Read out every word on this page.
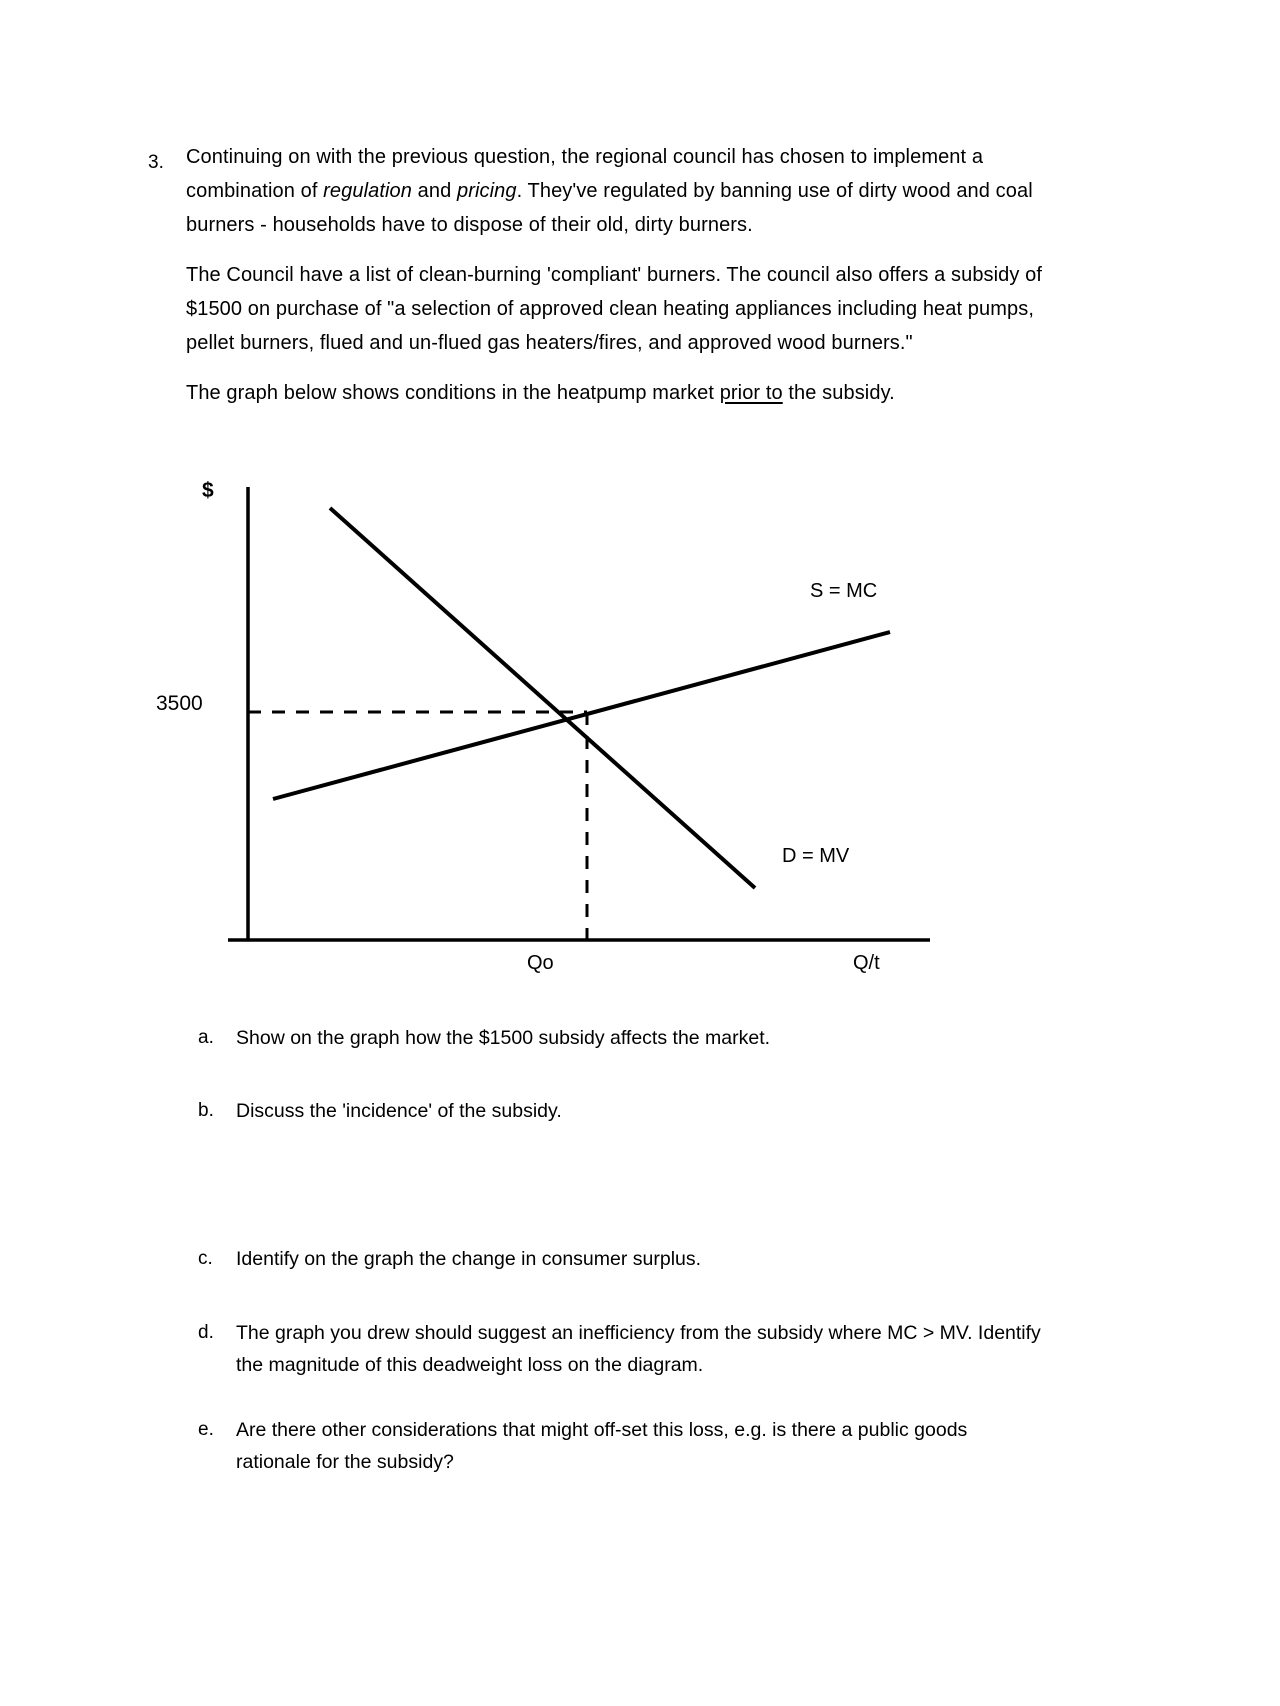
3.	Continuing on with the previous question, the regional council has chosen to implement a combination of regulation and pricing. They've regulated by banning use of dirty wood and coal burners - households have to dispose of their old, dirty burners.

The Council have a list of clean-burning 'compliant' burners. The council also offers a subsidy of $1500 on purchase of "a selection of approved clean heating appliances including heat pumps, pellet burners, flued and un-flued gas heaters/fires, and approved wood burners."

The graph below shows conditions in the heatpump market prior to the subsidy.

$
3500
S = MC
D = MV
Qo	Q/t
a.	Show on the graph how the $1500 subsidy affects the market.
b.	Discuss the 'incidence' of the subsidy.
c.	Identify on the graph the change in consumer surplus.
d.	The graph you drew should suggest an inefficiency from the subsidy where MC > MV. Identify the magnitude of this deadweight loss on the diagram.
e.	Are there other considerations that might off-set this loss, e.g. is there a public goods rationale for the subsidy?
